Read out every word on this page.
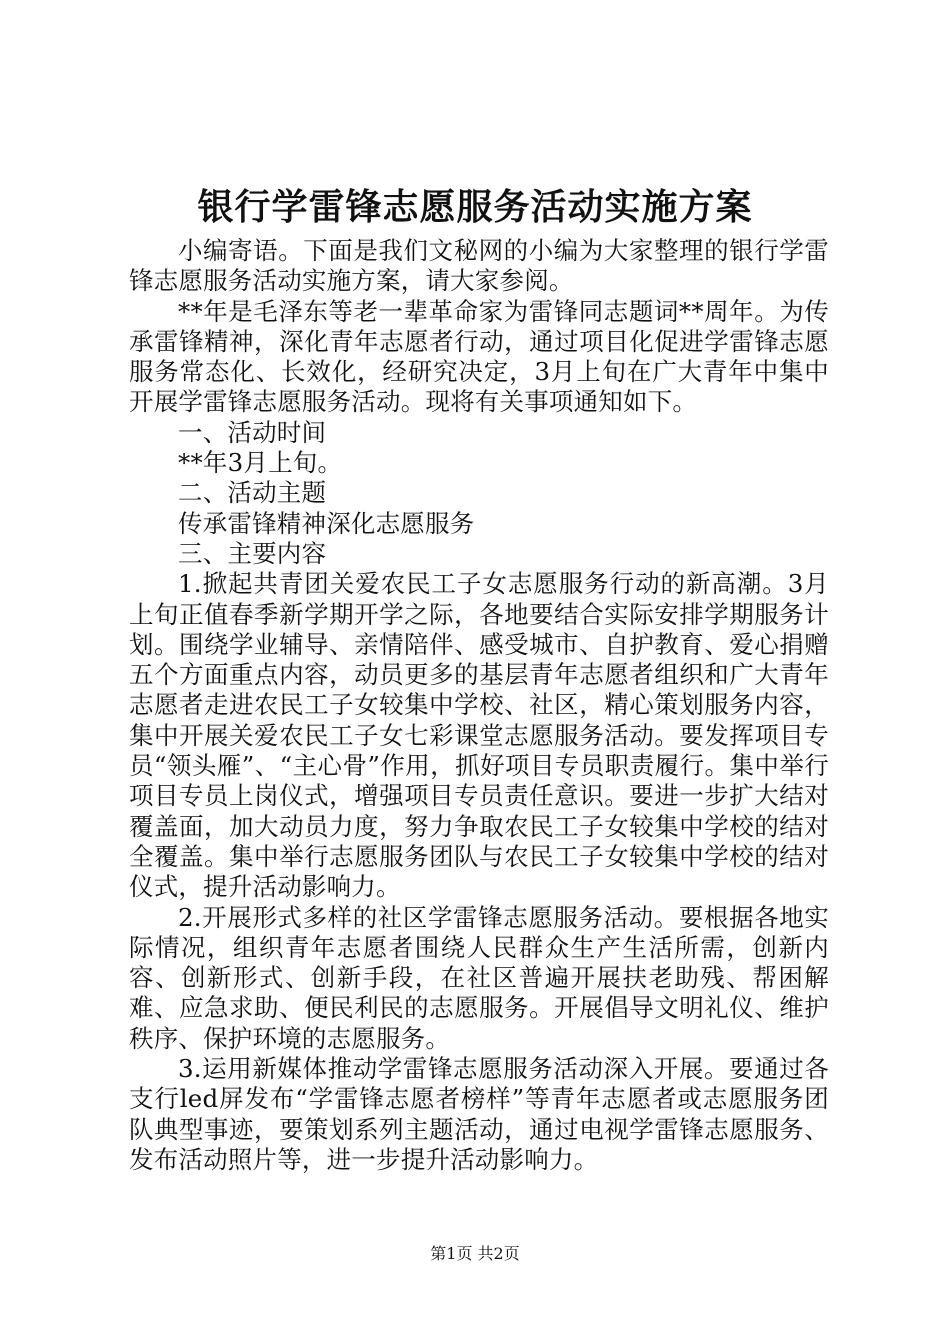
银行学雷锋志愿服务活动实施方案

小编寄语。下面是我们文秘网的小编为大家整理的银行学雷锋志愿服务活动实施方案，请大家参阅。

**年是毛泽东等老一辈革命家为雷锋同志题词**周年。为传承雷锋精神，深化青年志愿者行动，通过项目化促进学雷锋志愿服务常态化、长效化，经研究决定，3月上旬在广大青年中集中开展学雷锋志愿服务活动。现将有关事项通知如下。

一、活动时间

**年3月上旬。

二、活动主题

传承雷锋精神深化志愿服务

三、主要内容

1.掀起共青团关爱农民工子女志愿服务行动的新高潮。3月上旬正值春季新学期开学之际，各地要结合实际安排学期服务计划。围绕学业辅导、亲情陪伴、感受城市、自护教育、爱心捐赠五个方面重点内容，动员更多的基层青年志愿者组织和广大青年志愿者走进农民工子女较集中学校、社区，精心策划服务内容，集中开展关爱农民工子女七彩课堂志愿服务活动。要发挥项目专员“领头雁”、“主心骨”作用，抓好项目专员职责履行。集中举行项目专员上岗仪式，增强项目专员责任意识。要进一步扩大结对覆盖面，加大动员力度，努力争取农民工子女较集中学校的结对全覆盖。集中举行志愿服务团队与农民工子女较集中学校的结对仪式，提升活动影响力。

2.开展形式多样的社区学雷锋志愿服务活动。要根据各地实际情况，组织青年志愿者围绕人民群众生产生活所需，创新内容、创新形式、创新手段，在社区普遍开展扶老助残、帮困解难、应急求助、便民利民的志愿服务。开展倡导文明礼仪、维护秩序、保护环境的志愿服务。

3.运用新媒体推动学雷锋志愿服务活动深入开展。要通过各支行led屏发布“学雷锋志愿者榜样”等青年志愿者或志愿服务团队典型事迹，要策划系列主题活动，通过电视学雷锋志愿服务、发布活动照片等，进一步提升活动影响力。

第1页 共2页
